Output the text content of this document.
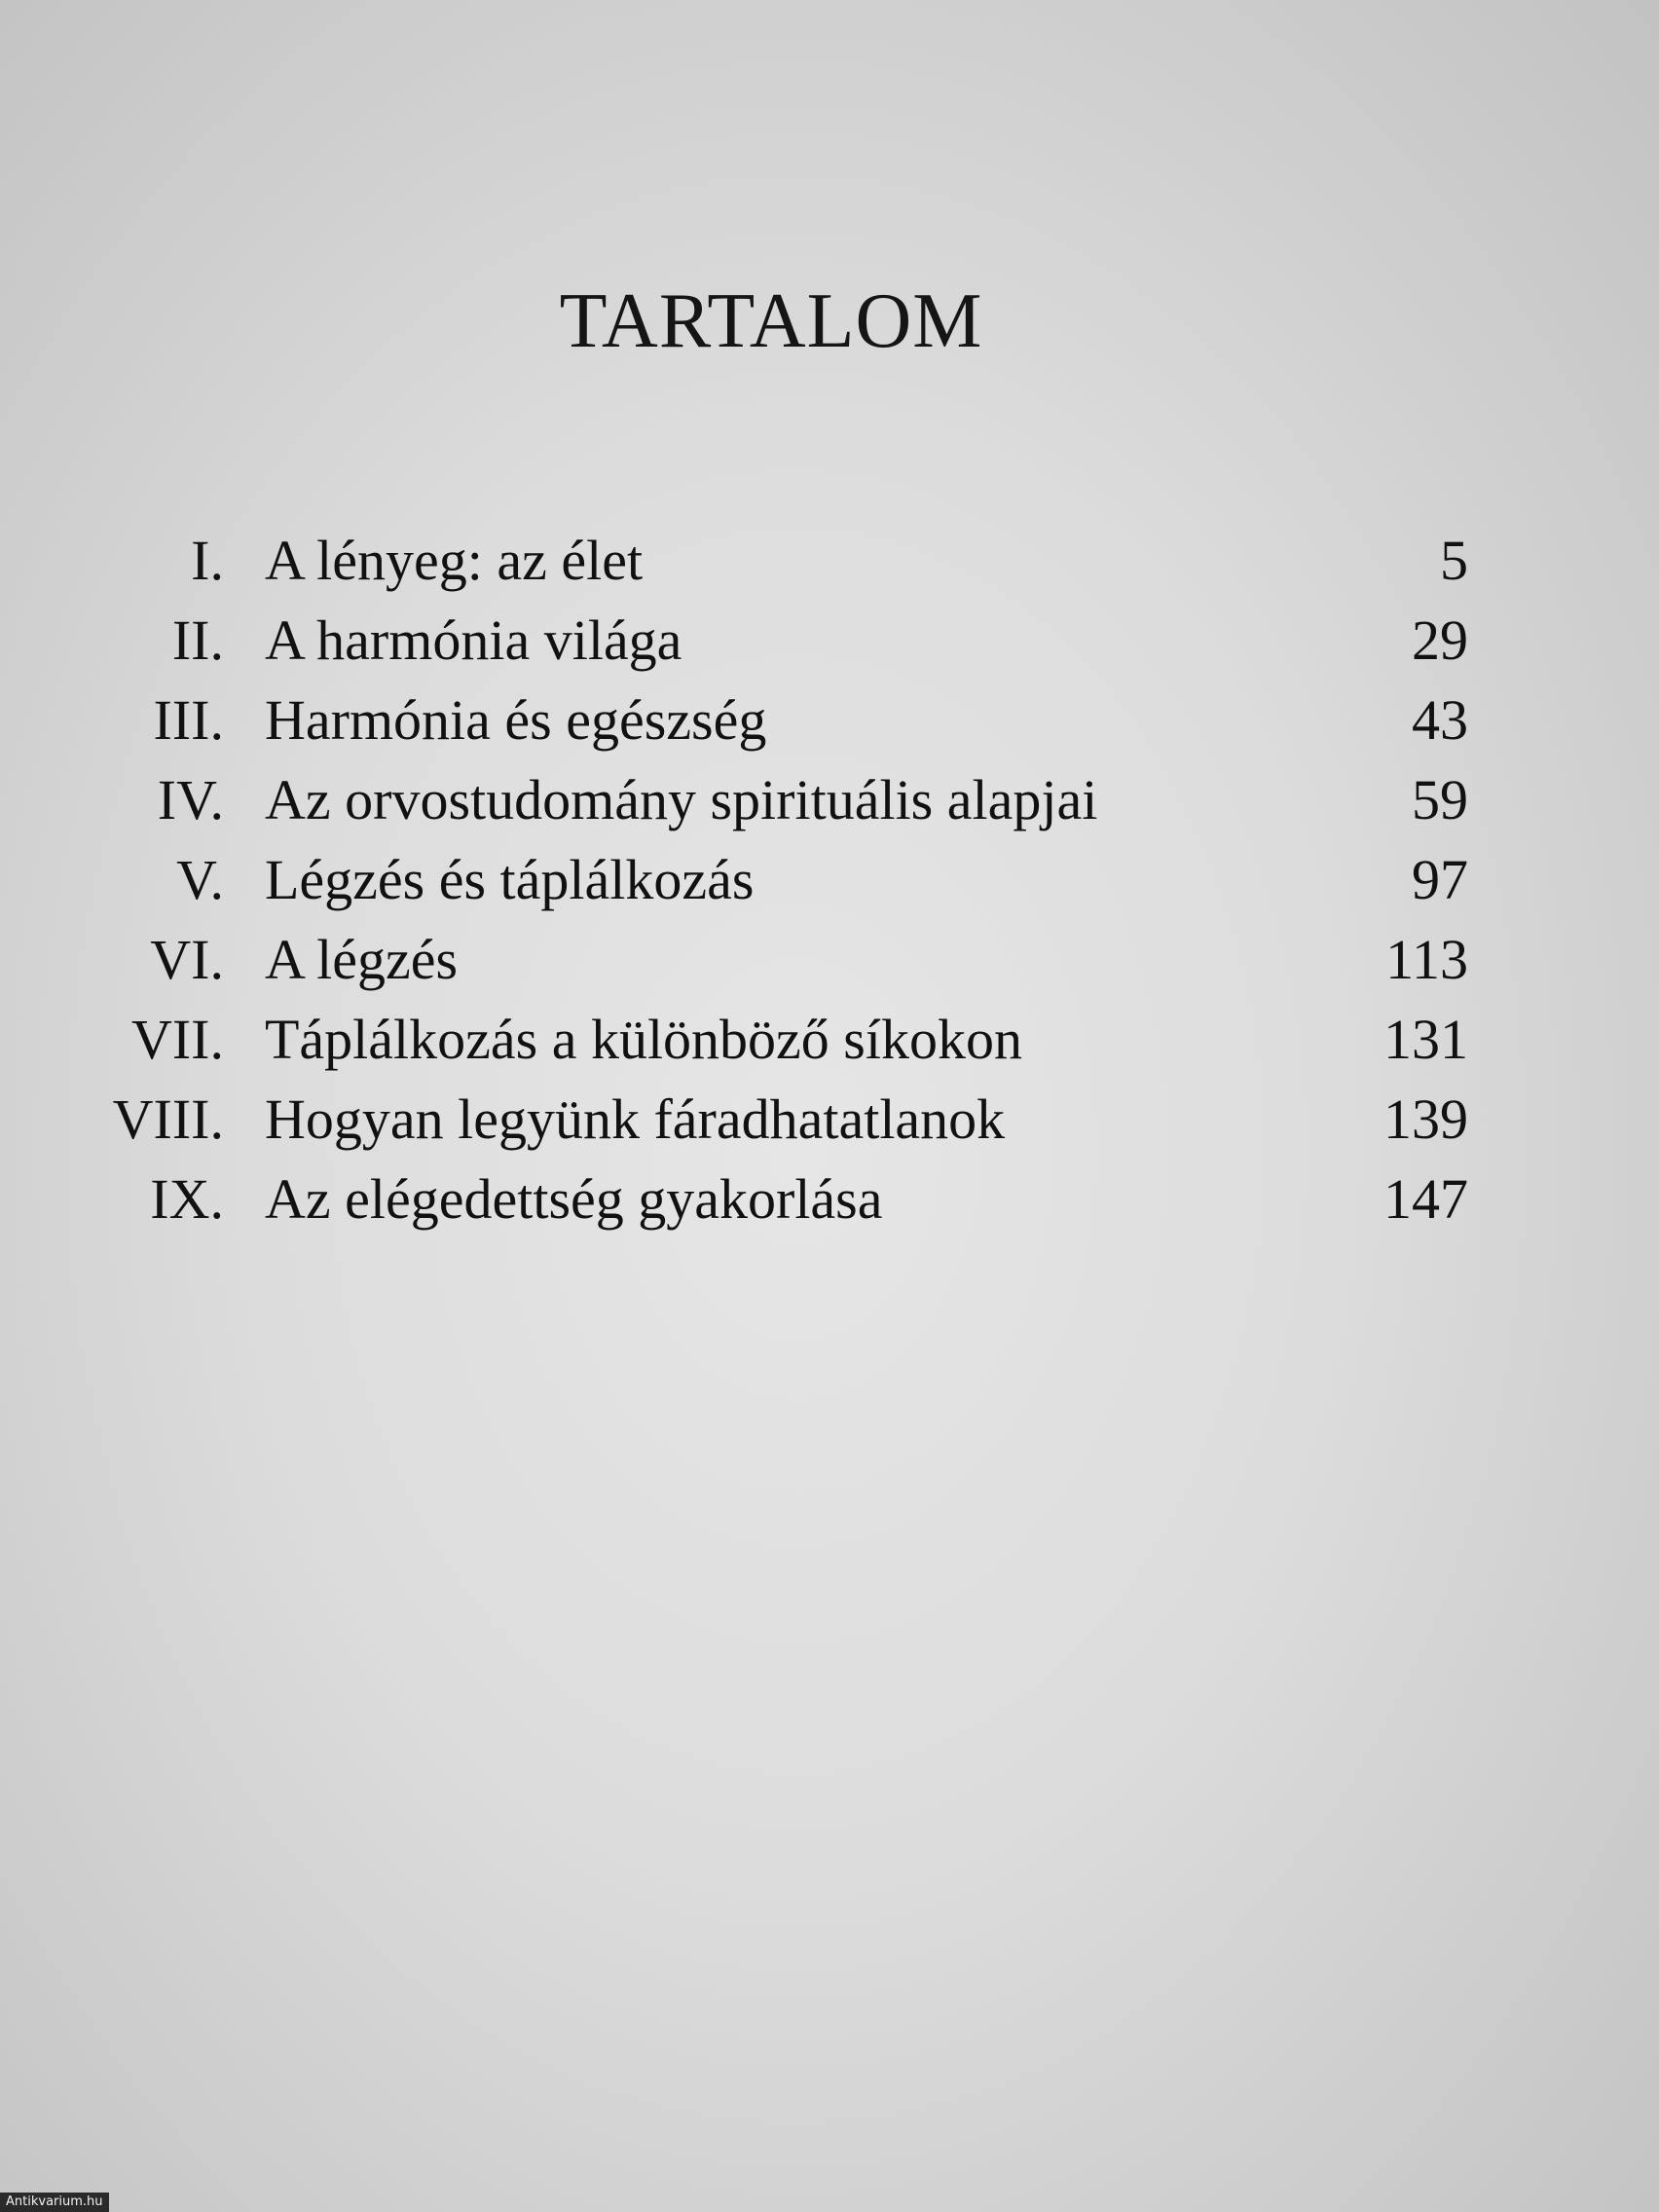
TARTALOM
I. A lényeg: az élet	5
II. A harmónia világa	29
III. Harmónia és egészség	43
IV. Az orvostudomány spirituális alapjai	59
V. Légzés és táplálkozás	97
VI. A légzés	113
VII. Táplálkozás a különböző síkokon	131
VIII. Hogyan legyünk fáradhatatlanok	139
IX. Az elégedettség gyakorlása	147
Antikvarium.hu
